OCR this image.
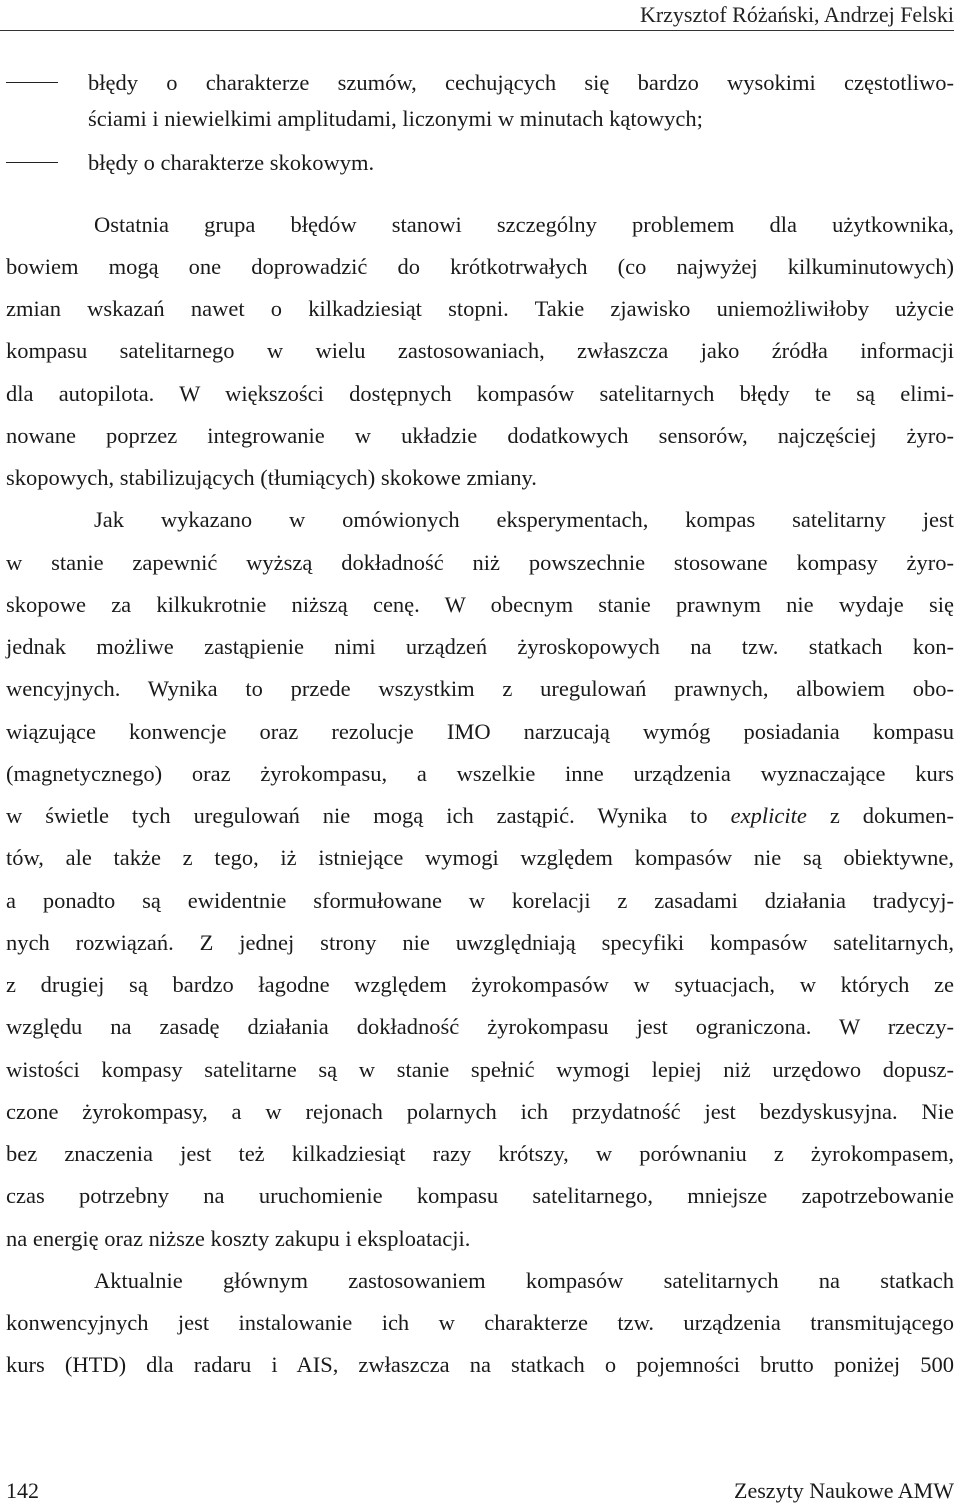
Krzysztof Różański, Andrzej Felski
błędy o charakterze szumów, cechujących się bardzo wysokimi częstotliwo-
ściami i niewielkimi amplitudami, liczonymi w minutach kątowych;
błędy o charakterze skokowym.
Ostatnia grupa błędów stanowi szczególny problemem dla użytkownika,
bowiem mogą one doprowadzić do krótkotrwałych (co najwyżej kilkuminutowych)
zmian wskazań nawet o kilkadziesiąt stopni. Takie zjawisko uniemożliwiłoby użycie
kompasu satelitarnego w wielu zastosowaniach, zwłaszcza jako źródła informacji
dla autopilota. W większości dostępnych kompasów satelitarnych błędy te są elimi-
nowane poprzez integrowanie w układzie dodatkowych sensorów, najczęściej żyro-
skopowych, stabilizujących (tłumiących) skokowe zmiany.
Jak wykazano w omówionych eksperymentach, kompas satelitarny jest
w stanie zapewnić wyższą dokładność niż powszechnie stosowane kompasy żyro-
skopowe za kilkukrotnie niższą cenę. W obecnym stanie prawnym nie wydaje się
jednak możliwe zastąpienie nimi urządzeń żyroskopowych na tzw. statkach kon-
wencyjnych. Wynika to przede wszystkim z uregulowań prawnych, albowiem obo-
wiązujące konwencje oraz rezolucje IMO narzucają wymóg posiadania kompasu
(magnetycznego) oraz żyrokompasu, a wszelkie inne urządzenia wyznaczające kurs
w świetle tych uregulowań nie mogą ich zastąpić. Wynika to explicite z dokumen-
tów, ale także z tego, iż istniejące wymogi względem kompasów nie są obiektywne,
a ponadto są ewidentnie sformułowane w korelacji z zasadami działania tradycyj-
nych rozwiązań. Z jednej strony nie uwzględniają specyfiki kompasów satelitarnych,
z drugiej są bardzo łagodne względem żyrokompasów w sytuacjach, w których ze
względu na zasadę działania dokładność żyrokompasu jest ograniczona. W rzeczy-
wistości kompasy satelitarne są w stanie spełnić wymogi lepiej niż urzędowo dopusz-
czone żyrokompasy, a w rejonach polarnych ich przydatność jest bezdyskusyjna. Nie
bez znaczenia jest też kilkadziesiąt razy krótszy, w porównaniu z żyrokompasem,
czas potrzebny na uruchomienie kompasu satelitarnego, mniejsze zapotrzebowanie
na energię oraz niższe koszty zakupu i eksploatacji.
Aktualnie głównym zastosowaniem kompasów satelitarnych na statkach
konwencyjnych jest instalowanie ich w charakterze tzw. urządzenia transmitującego
kurs (HTD) dla radaru i AIS, zwłaszcza na statkach o pojemności brutto poniżej 500
142	Zeszyty Naukowe AMW
